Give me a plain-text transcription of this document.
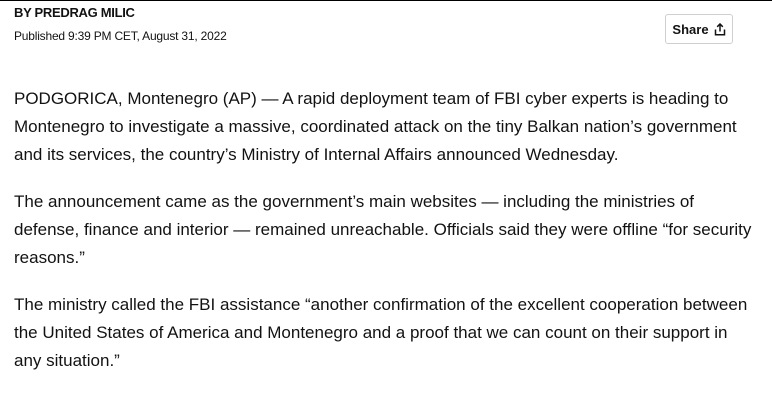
BY PREDRAG MILIC
Published 9:39 PM CET, August 31, 2022	Share

PODGORICA, Montenegro (AP) — A rapid deployment team of FBI cyber experts is heading to Montenegro to investigate a massive, coordinated attack on the tiny Balkan nation’s government and its services, the country’s Ministry of Internal Affairs announced Wednesday.

The announcement came as the government’s main websites — including the ministries of defense, finance and interior — remained unreachable. Officials said they were offline “for security reasons.”

The ministry called the FBI assistance “another confirmation of the excellent cooperation between the United States of America and Montenegro and a proof that we can count on their support in any situation.”
